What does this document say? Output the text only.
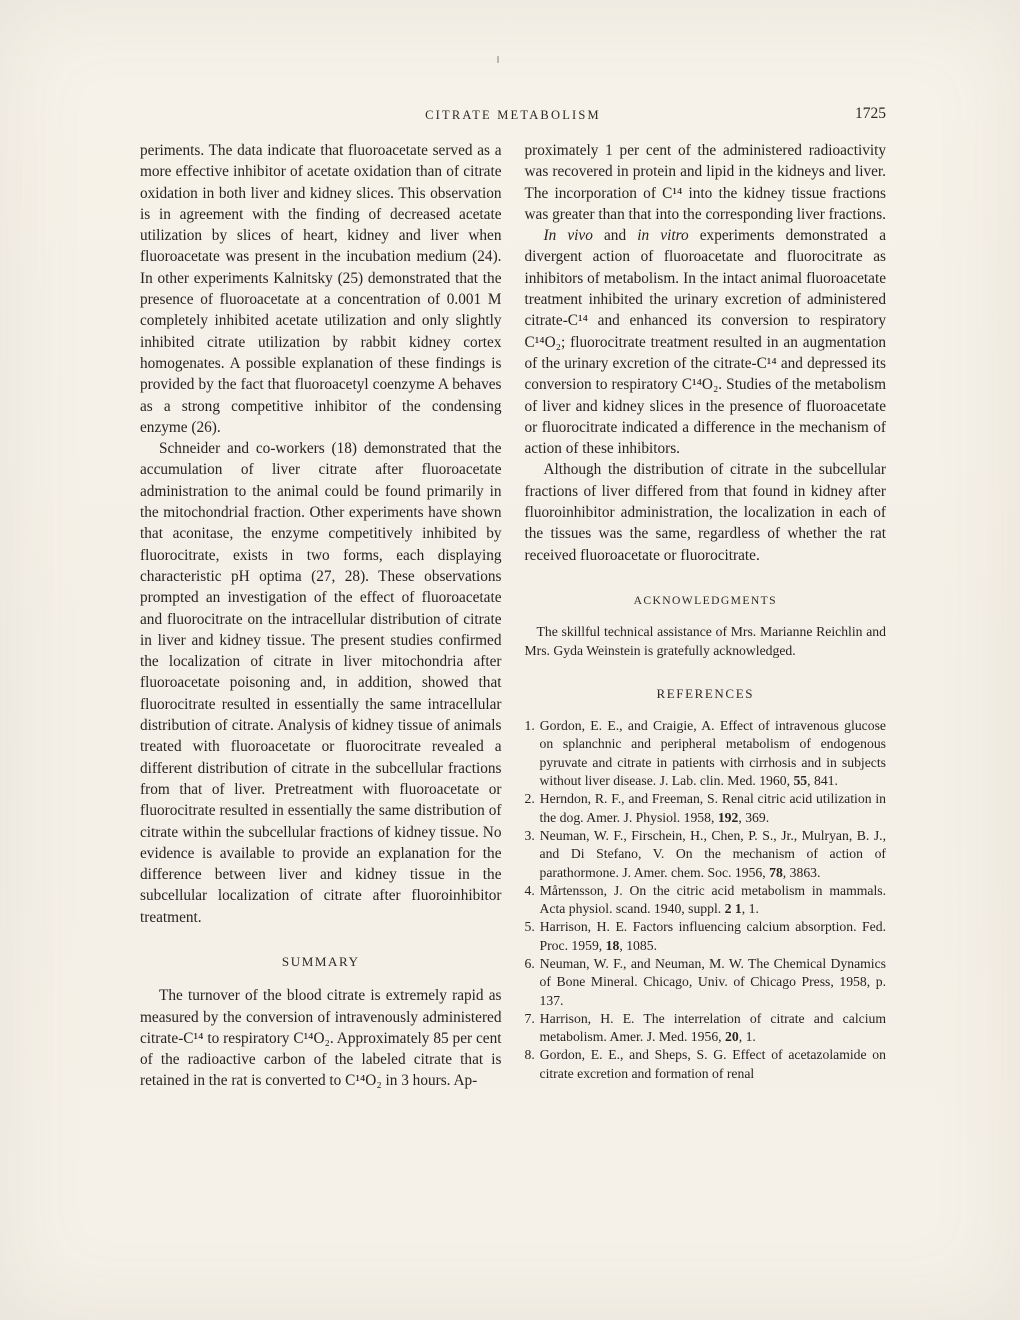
CITRATE METABOLISM	1725

periments. The data indicate that fluoroacetate served as a more effective inhibitor of acetate oxidation than of citrate oxidation in both liver and kidney slices. This observation is in agreement with the finding of decreased acetate utilization by slices of heart, kidney and liver when fluoroacetate was present in the incubation medium (24). In other experiments Kalnitsky (25) demonstrated that the presence of fluoroacetate at a concentration of 0.001 M completely inhibited acetate utilization and only slightly inhibited citrate utilization by rabbit kidney cortex homogenates. A possible explanation of these findings is provided by the fact that fluoroacetyl coenzyme A behaves as a strong competitive inhibitor of the condensing enzyme (26).

Schneider and co-workers (18) demonstrated that the accumulation of liver citrate after fluoroacetate administration to the animal could be found primarily in the mitochondrial fraction. Other experiments have shown that aconitase, the enzyme competitively inhibited by fluorocitrate, exists in two forms, each displaying characteristic pH optima (27, 28). These observations prompted an investigation of the effect of fluoroacetate and fluorocitrate on the intracellular distribution of citrate in liver and kidney tissue. The present studies confirmed the localization of citrate in liver mitochondria after fluoroacetate poisoning and, in addition, showed that fluorocitrate resulted in essentially the same intracellular distribution of citrate. Analysis of kidney tissue of animals treated with fluoroacetate or fluorocitrate revealed a different distribution of citrate in the subcellular fractions from that of liver. Pretreatment with fluoroacetate or fluorocitrate resulted in essentially the same distribution of citrate within the subcellular fractions of kidney tissue. No evidence is available to provide an explanation for the difference between liver and kidney tissue in the subcellular localization of citrate after fluoroinhibitor treatment.

SUMMARY

The turnover of the blood citrate is extremely rapid as measured by the conversion of intravenously administered citrate-C¹⁴ to respiratory C¹⁴O₂. Approximately 85 per cent of the radioactive carbon of the labeled citrate that is retained in the rat is converted to C¹⁴O₂ in 3 hours. Ap-

proximately 1 per cent of the administered radioactivity was recovered in protein and lipid in the kidneys and liver. The incorporation of C¹⁴ into the kidney tissue fractions was greater than that into the corresponding liver fractions.

In vivo and in vitro experiments demonstrated a divergent action of fluoroacetate and fluorocitrate as inhibitors of metabolism. In the intact animal fluoroacetate treatment inhibited the urinary excretion of administered citrate-C¹⁴ and enhanced its conversion to respiratory C¹⁴O₂; fluorocitrate treatment resulted in an augmentation of the urinary excretion of the citrate-C¹⁴ and depressed its conversion to respiratory C¹⁴O₂. Studies of the metabolism of liver and kidney slices in the presence of fluoroacetate or fluorocitrate indicated a difference in the mechanism of action of these inhibitors.

Although the distribution of citrate in the subcellular fractions of liver differed from that found in kidney after fluoroinhibitor administration, the localization in each of the tissues was the same, regardless of whether the rat received fluoroacetate or fluorocitrate.

ACKNOWLEDGMENTS

The skillful technical assistance of Mrs. Marianne Reichlin and Mrs. Gyda Weinstein is gratefully acknowledged.

REFERENCES
1. Gordon, E. E., and Craigie, A. Effect of intravenous glucose on splanchnic and peripheral metabolism of endogenous pyruvate and citrate in patients with cirrhosis and in subjects without liver disease. J. Lab. clin. Med. 1960, 55, 841.
2. Herndon, R. F., and Freeman, S. Renal citric acid utilization in the dog. Amer. J. Physiol. 1958, 192, 369.
3. Neuman, W. F., Firschein, H., Chen, P. S., Jr., Mulryan, B. J., and Di Stefano, V. On the mechanism of action of parathormone. J. Amer. chem. Soc. 1956, 78, 3863.
4. Mårtensson, J. On the citric acid metabolism in mammals. Acta physiol. scand. 1940, suppl. 2 1, 1.
5. Harrison, H. E. Factors influencing calcium absorption. Fed. Proc. 1959, 18, 1085.
6. Neuman, W. F., and Neuman, M. W. The Chemical Dynamics of Bone Mineral. Chicago, Univ. of Chicago Press, 1958, p. 137.
7. Harrison, H. E. The interrelation of citrate and calcium metabolism. Amer. J. Med. 1956, 20, 1.
8. Gordon, E. E., and Sheps, S. G. Effect of acetazolamide on citrate excretion and formation of renal
